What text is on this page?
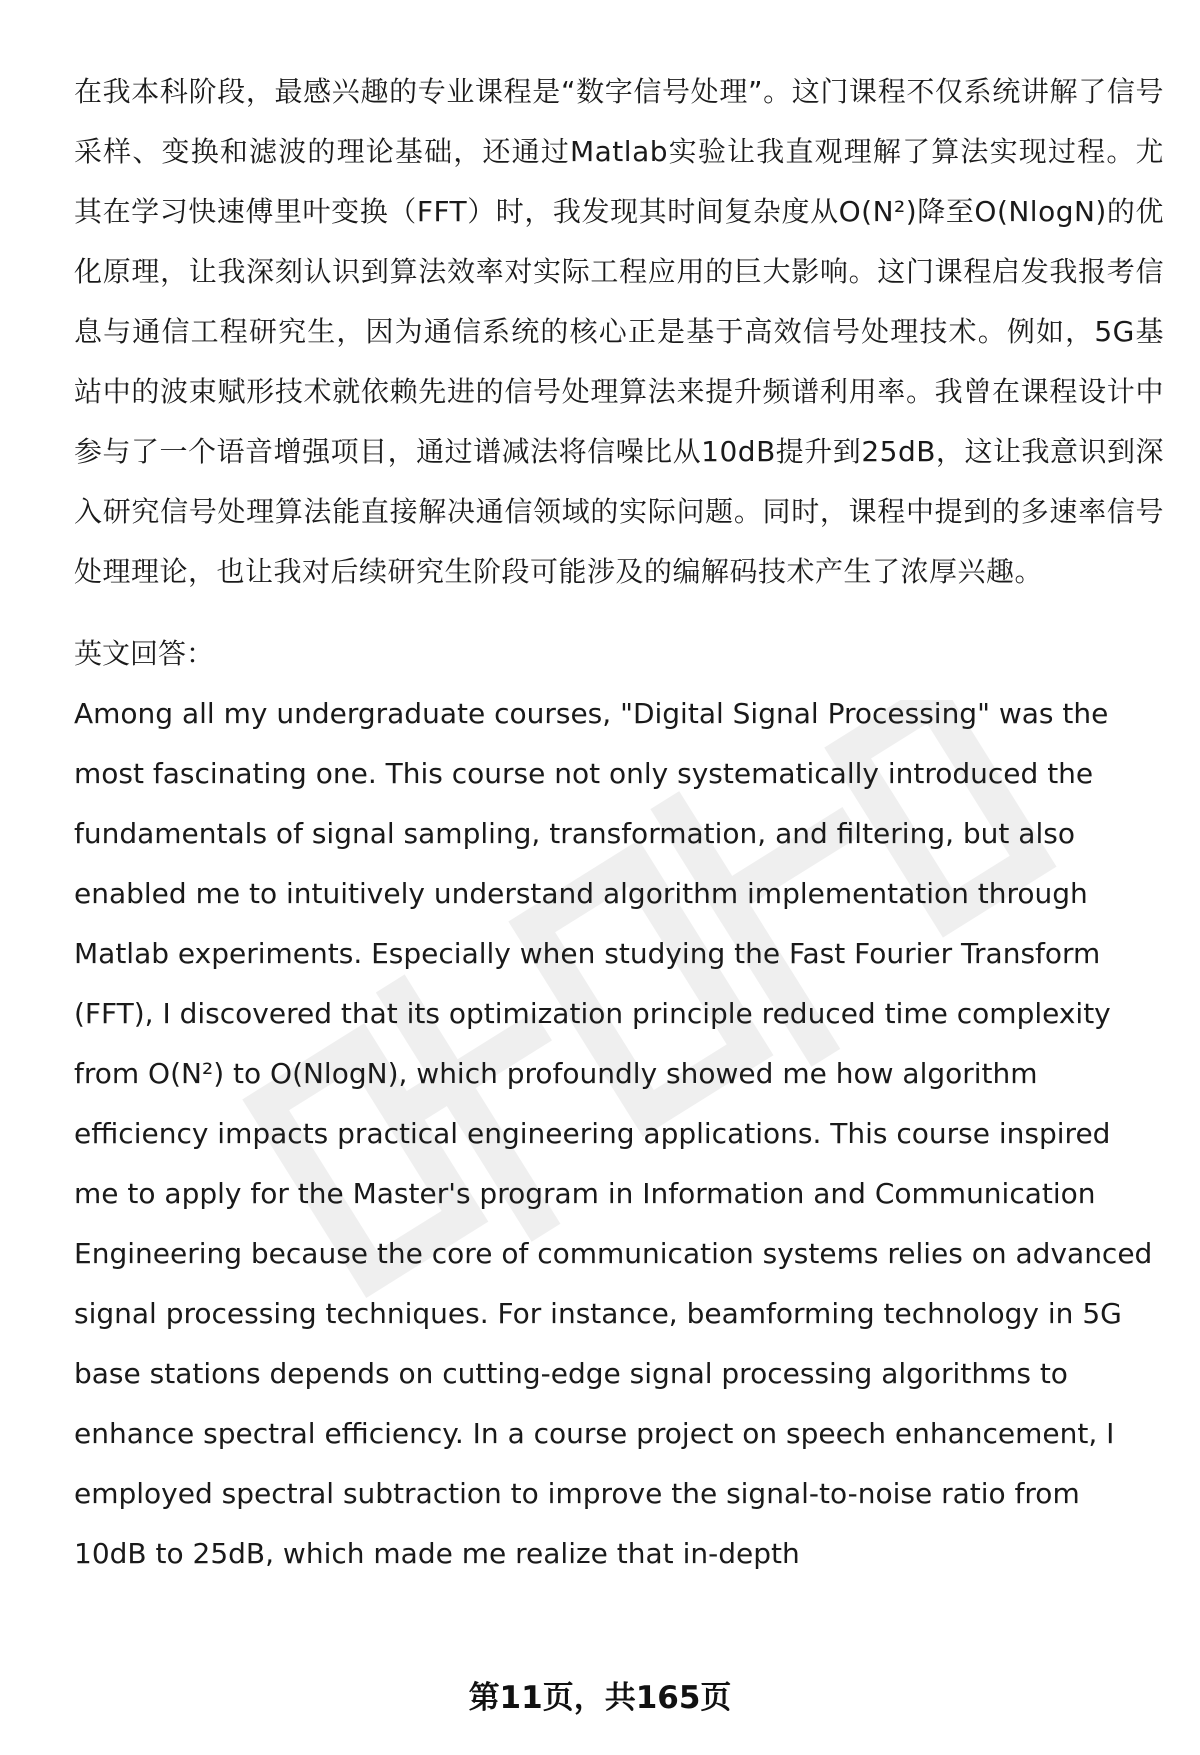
在我本科阶段，最感兴趣的专业课程是“数字信号处理”。这门课程不仅系统讲解了信号采样、变换和滤波的理论基础，还通过Matlab实验让我直观理解了算法实现过程。尤其在学习快速傅里叶变换（FFT）时，我发现其时间复杂度从O(N²)降至O(NlogN)的优化原理，让我深刻认识到算法效率对实际工程应用的巨大影响。这门课程启发我报考信息与通信工程研究生，因为通信系统的核心正是基于高效信号处理技术。例如，5G基站中的波束赋形技术就依赖先进的信号处理算法来提升频谱利用率。我曾在课程设计中参与了一个语音增强项目，通过谱减法将信噪比从10dB提升到25dB，这让我意识到深入研究信号处理算法能直接解决通信领域的实际问题。同时，课程中提到的多速率信号处理理论，也让我对后续研究生阶段可能涉及的编解码技术产生了浓厚兴趣。

英文回答：

Among all my undergraduate courses, "Digital Signal Processing" was the most fascinating one. This course not only systematically introduced the fundamentals of signal sampling, transformation, and filtering, but also enabled me to intuitively understand algorithm implementation through Matlab experiments. Especially when studying the Fast Fourier Transform (FFT), I discovered that its optimization principle reduced time complexity from O(N²) to O(NlogN), which profoundly showed me how algorithm efficiency impacts practical engineering applications. This course inspired me to apply for the Master's program in Information and Communication Engineering because the core of communication systems relies on advanced signal processing techniques. For instance, beamforming technology in 5G base stations depends on cutting-edge signal processing algorithms to enhance spectral efficiency. In a course project on speech enhancement, I employed spectral subtraction to improve the signal-to-noise ratio from 10dB to 25dB, which made me realize that in-depth

第11页，共165页
